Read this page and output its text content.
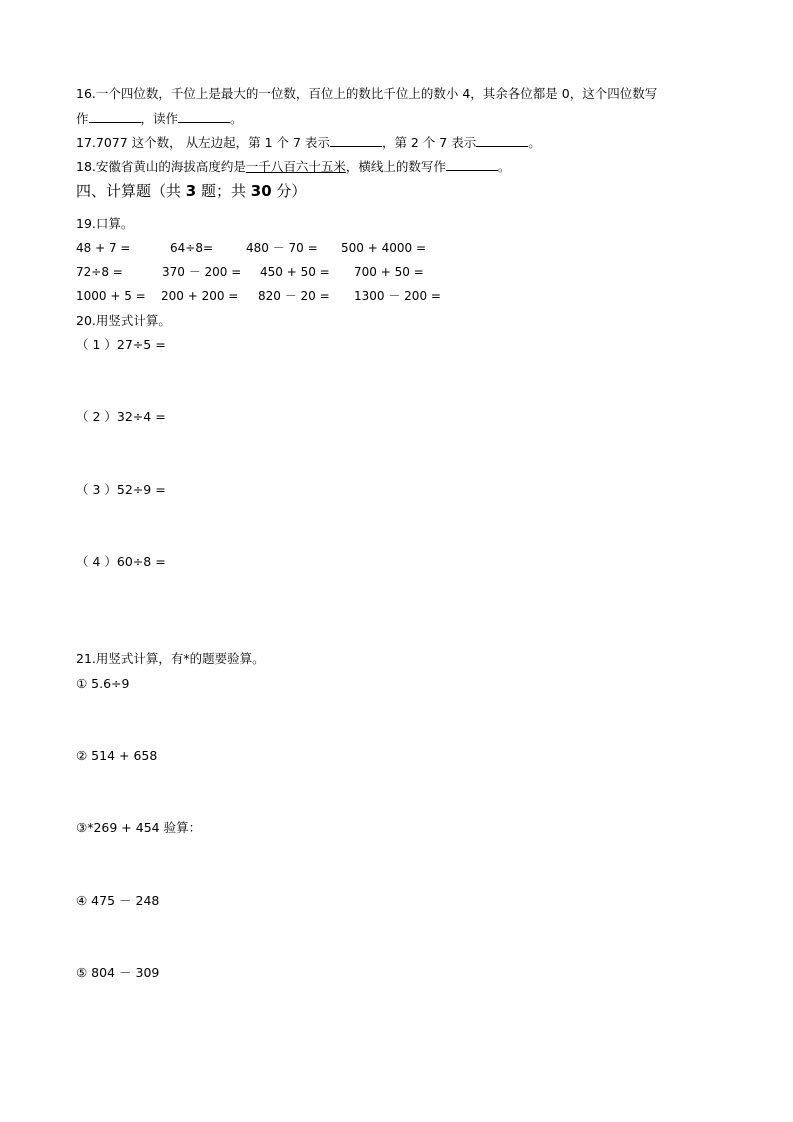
16.一个四位数，千位上是最大的一位数，百位上的数比千位上的数小 4，其余各位都是 0，这个四位数写
作	，读作	。
17.7077 这个数， 从左边起，第 1 个 7 表示	，第 2 个 7 表示	。
18.安徽省黄山的海拔高度约是一千八百六十五米，横线上的数写作	。
四、计算题（共 3 题；共 30 分）
19.口算。
48 + 7 =	64÷8=	480 － 70 = 500 + 4000 =
72÷8 =	370 － 200 = 450 + 50 = 700 + 50 =
1000 + 5 = 200 + 200 = 820 － 20 = 1300 － 200 =
20.用竖式计算。
（ 1 ）27÷5 =
（ 2 ）32÷4 =
（ 3 ）52÷9 =
（ 4 ）60÷8 =
21.用竖式计算，有*的题要验算。
① 5.6÷9
② 514 + 658
③*269 + 454 验算：
④ 475 － 248
⑤ 804 － 309
